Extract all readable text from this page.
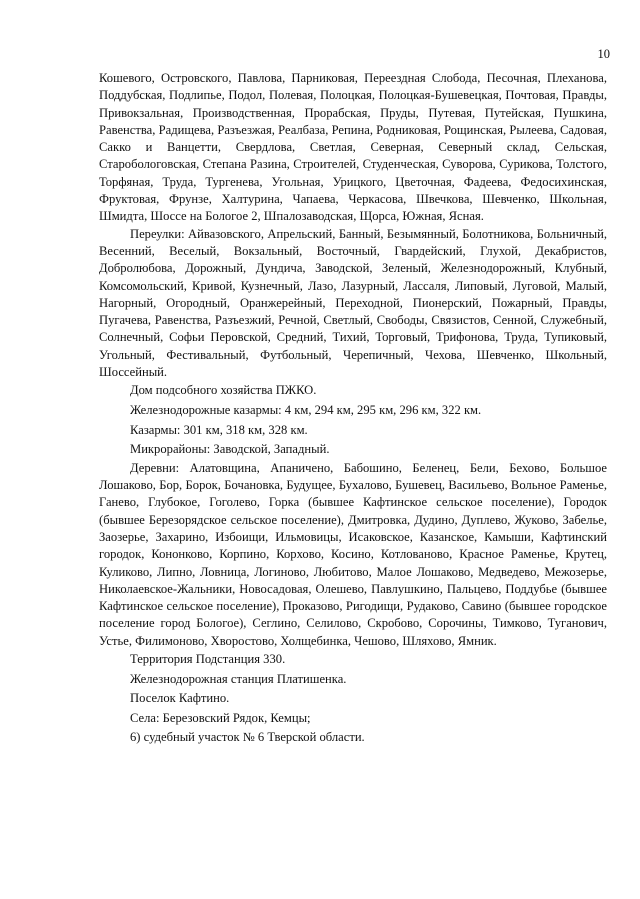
10

Кошевого, Островского, Павлова, Парниковая, Переездная Слобода, Песочная, Плеханова, Поддубская, Подлипье, Подол, Полевая, Полоцкая, Полоцкая-Бушевецкая, Почтовая, Правды, Привокзальная, Производственная, Прорабская, Пруды, Путевая, Путейская, Пушкина, Равенства, Радищева, Разъезжая, Реалбаза, Репина, Родниковая, Рощинская, Рылеева, Садовая, Сакко и Ванцетти, Свердлова, Светлая, Северная, Северный склад, Сельская, Старобологовская, Степана Разина, Строителей, Студенческая, Суворова, Сурикова, Толстого, Торфяная, Труда, Тургенева, Угольная, Урицкого, Цветочная, Фадеева, Федосихинская, Фруктовая, Фрунзе, Халтурина, Чапаева, Черкасова, Швечкова, Шевченко, Школьная, Шмидта, Шоссе на Бологое 2, Шпалозаводская, Щорса, Южная, Ясная.

Переулки: Айвазовского, Апрельский, Банный, Безымянный, Болотникова, Больничный, Весенний, Веселый, Вокзальный, Восточный, Гвардейский, Глухой, Декабристов, Добролюбова, Дорожный, Дундича, Заводской, Зеленый, Железнодорожный, Клубный, Комсомольский, Кривой, Кузнечный, Лазо, Лазурный, Лассаля, Липовый, Луговой, Малый, Нагорный, Огородный, Оранжерейный, Переходной, Пионерский, Пожарный, Правды, Пугачева, Равенства, Разъезжий, Речной, Светлый, Свободы, Связистов, Сенной, Служебный, Солнечный, Софьи Перовской, Средний, Тихий, Торговый, Трифонова, Труда, Тупиковый, Угольный, Фестивальный, Футбольный, Черепичный, Чехова, Шевченко, Школьный, Шоссейный.

Дом подсобного хозяйства ПЖКО.

Железнодорожные казармы: 4 км, 294 км, 295 км, 296 км, 322 км.

Казармы: 301 км, 318 км, 328 км.

Микрорайоны: Заводской, Западный.

Деревни: Алатовщина, Апаничено, Бабошино, Беленец, Бели, Бехово, Большое Лошаково, Бор, Борок, Бочановка, Будущее, Бухалово, Бушевец, Васильево, Вольное Раменье, Ганево, Глубокое, Гоголево, Горка (бывшее Кафтинское сельское поселение), Городок (бывшее Березорядское сельское поселение), Дмитровка, Дудино, Дуплево, Жуково, Забелье, Заозерье, Захарино, Избоищи, Ильмовицы, Исаковское, Казанское, Камыши, Кафтинский городок, Кононково, Корпино, Корхово, Косино, Котлованово, Красное Раменье, Крутец, Куликово, Липно, Ловница, Логиново, Любитово, Малое Лошаково, Медведево, Межозерье, Николаевское-Жальники, Новосадовая, Олешево, Павлушкино, Пальцево, Поддубье (бывшее Кафтинское сельское поселение), Проказово, Ригодищи, Рудаково, Савино (бывшее городское поселение город Бологое), Сеглино, Селилово, Скробово, Сорочины, Тимково, Туганович, Устье, Филимоново, Хворостово, Холщебинка, Чешово, Шляхово, Ямник.

Территория Подстанция 330.

Железнодорожная станция Платишенка.

Поселок Кафтино.

Села: Березовский Рядок, Кемцы;

6) судебный участок № 6 Тверской области.
